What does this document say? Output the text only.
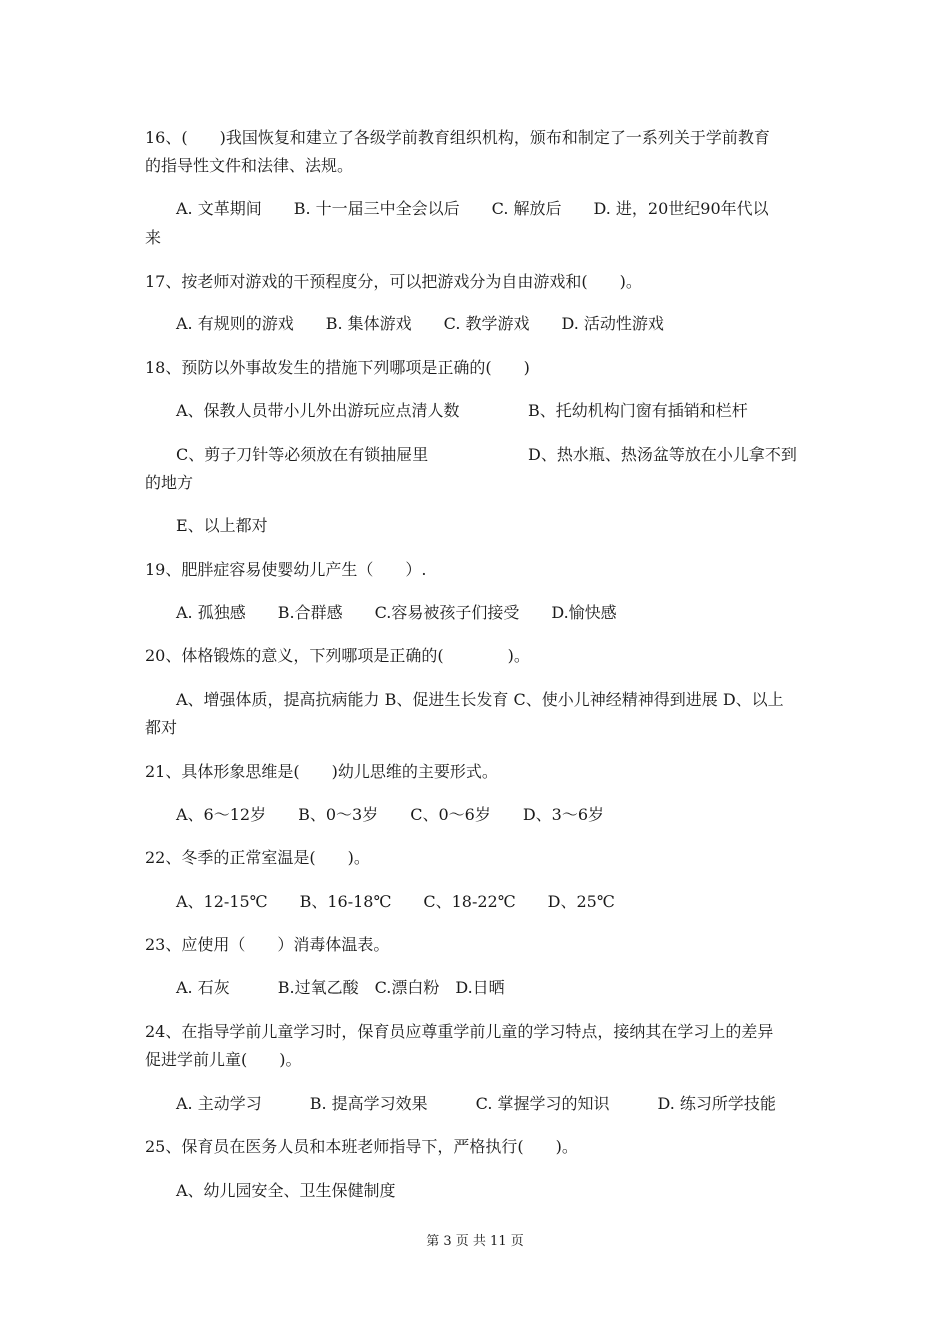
16、(　　)我国恢复和建立了各级学前教育组织机构，颁布和制定了一系列关于学前教育
的指导性文件和法律、法规。
A. 文革期间　　B. 十一届三中全会以后　　C. 解放后　　D. 进，20世纪90年代以
来
17、按老师对游戏的干预程度分，可以把游戏分为自由游戏和(　　)。
A. 有规则的游戏　　B. 集体游戏　　C. 教学游戏　　D. 活动性游戏
18、预防以外事故发生的措施下列哪项是正确的(　　)
A、保教人员带小儿外出游玩应点清人数	B、托幼机构门窗有插销和栏杆
C、剪子刀针等必须放在有锁抽屉里	D、热水瓶、热汤盆等放在小儿拿不到
的地方
E、以上都对
19、肥胖症容易使婴幼儿产生（　　）.
A. 孤独感　　B.合群感　　C.容易被孩子们接受　　D.愉快感
20、体格锻炼的意义，下列哪项是正确的(　　　　)。
A、增强体质，提高抗病能力 B、促进生长发育 C、使小儿神经精神得到进展 D、以上
都对
21、具体形象思维是(　　)幼儿思维的主要形式。
A、6～12岁　　B、0～3岁　　C、0～6岁　　D、3～6岁
22、冬季的正常室温是(　　)。
A、12-15℃　　B、16-18℃　　C、18-22℃　　D、25℃
23、应使用（　　）消毒体温表。
A. 石灰　　　B.过氧乙酸　C.漂白粉　D.日晒
24、在指导学前儿童学习时，保育员应尊重学前儿童的学习特点，接纳其在学习上的差异
促进学前儿童(　　)。
A. 主动学习　　　B. 提高学习效果　　　C. 掌握学习的知识　　　D. 练习所学技能
25、保育员在医务人员和本班老师指导下，严格执行(　　)。
A、幼儿园安全、卫生保健制度
第 3 页 共 11 页
